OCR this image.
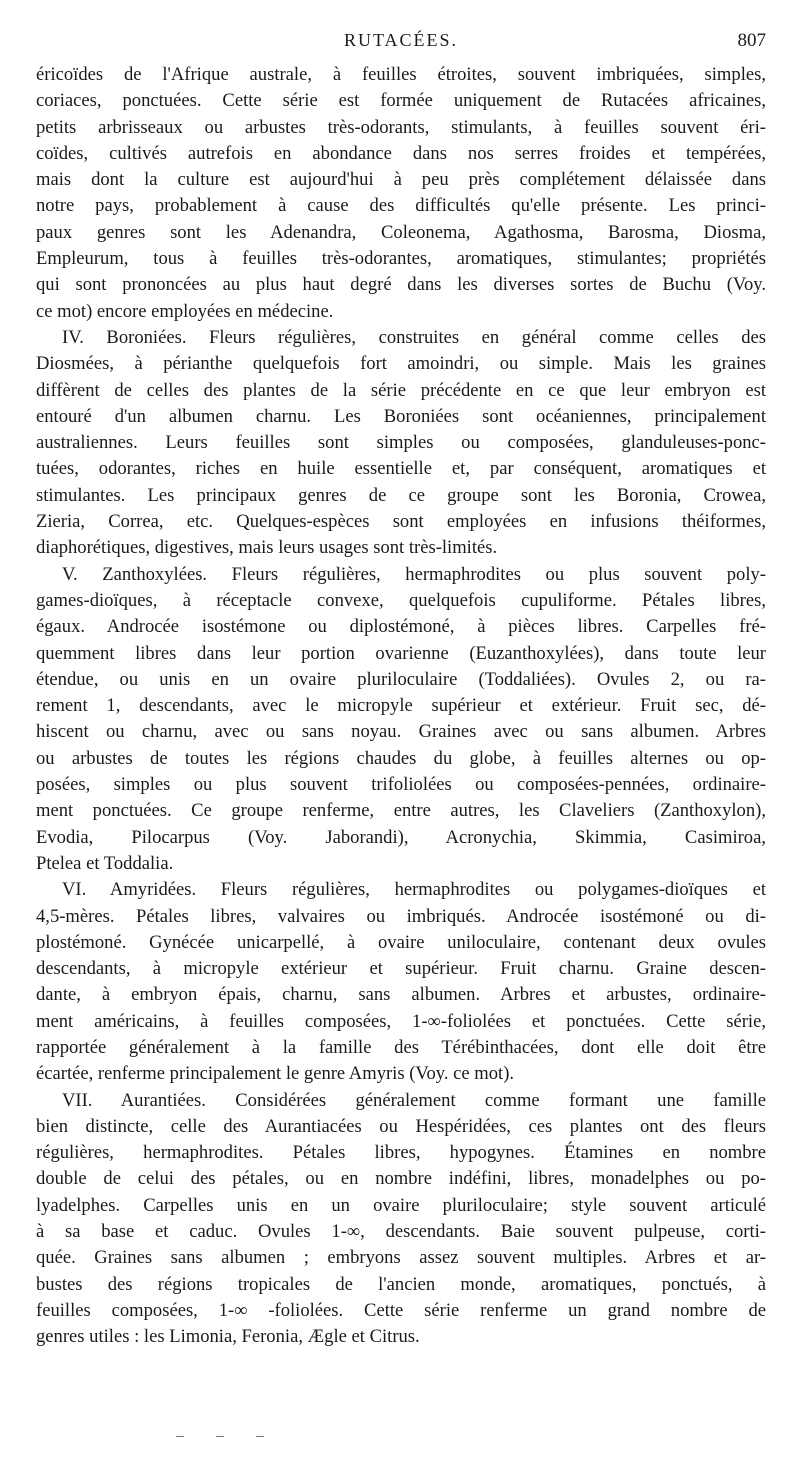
RUTACÉES.	807
éricoïdes de l'Afrique australe, à feuilles étroites, souvent imbriquées, simples,
coriaces, ponctuées. Cette série est formée uniquement de Rutacées africaines,
petits arbrisseaux ou arbustes très-odorants, stimulants, à feuilles souvent éri-
coïdes, cultivés autrefois en abondance dans nos serres froides et tempérées,
mais dont la culture est aujourd'hui à peu près complétement délaissée dans
notre pays, probablement à cause des difficultés qu'elle présente. Les princi-
paux genres sont les Adenandra, Coleonema, Agathosma, Barosma, Diosma,
Empleurum, tous à feuilles très-odorantes, aromatiques, stimulantes; propriétés
qui sont prononcées au plus haut degré dans les diverses sortes de Buchu (Voy.
ce mot) encore employées en médecine.
IV. Boroniées. Fleurs régulières, construites en général comme celles des
Diosmées, à périanthe quelquefois fort amoindri, ou simple. Mais les graines
diffèrent de celles des plantes de la série précédente en ce que leur embryon est
entouré d'un albumen charnu. Les Boroniées sont océaniennes, principalement
australiennes. Leurs feuilles sont simples ou composées, glanduleuses-ponc-
tuées, odorantes, riches en huile essentielle et, par conséquent, aromatiques et
stimulantes. Les principaux genres de ce groupe sont les Boronia, Crowea,
Zieria, Correa, etc. Quelques-espèces sont employées en infusions théiformes,
diaphorétiques, digestives, mais leurs usages sont très-limités.
V. Zanthoxylées. Fleurs régulières, hermaphrodites ou plus souvent poly-
games-dioïques, à réceptacle convexe, quelquefois cupuliforme. Pétales libres,
égaux. Androcée isostémone ou diplostémoné, à pièces libres. Carpelles fré-
quemment libres dans leur portion ovarienne (Euzanthoxylées), dans toute leur
étendue, ou unis en un ovaire pluriloculaire (Toddaliées). Ovules 2, ou ra-
rement 1, descendants, avec le micropyle supérieur et extérieur. Fruit sec, dé-
hiscent ou charnu, avec ou sans noyau. Graines avec ou sans albumen. Arbres
ou arbustes de toutes les régions chaudes du globe, à feuilles alternes ou op-
posées, simples ou plus souvent trifoliolées ou composées-pennées, ordinaire-
ment ponctuées. Ce groupe renferme, entre autres, les Claveliers (Zanthoxylon),
Evodia, Pilocarpus (Voy. Jaborandi), Acronychia, Skimmia, Casimiroa,
Ptelea et Toddalia.
VI. Amyridées. Fleurs régulières, hermaphrodites ou polygames-dioïques et
4,5-mères. Pétales libres, valvaires ou imbriqués. Androcée isostémoné ou di-
plostémoné. Gynécée unicarpellé, à ovaire uniloculaire, contenant deux ovules
descendants, à micropyle extérieur et supérieur. Fruit charnu. Graine descen-
dante, à embryon épais, charnu, sans albumen. Arbres et arbustes, ordinaire-
ment américains, à feuilles composées, 1-∞-foliolées et ponctuées. Cette série,
rapportée généralement à la famille des Térébinthacées, dont elle doit être
écartée, renferme principalement le genre Amyris (Voy. ce mot).
VII. Aurantiées. Considérées généralement comme formant une famille
bien distincte, celle des Aurantiacées ou Hespéridées, ces plantes ont des fleurs
régulières, hermaphrodites. Pétales libres, hypogynes. Étamines en nombre
double de celui des pétales, ou en nombre indéfini, libres, monadelphes ou po-
lyadelphes. Carpelles unis en un ovaire pluriloculaire; style souvent articulé
à sa base et caduc. Ovules 1-∞, descendants. Baie souvent pulpeuse, corti-
quée. Graines sans albumen ; embryons assez souvent multiples. Arbres et ar-
bustes des régions tropicales de l'ancien monde, aromatiques, ponctués, à
feuilles composées, 1-∞ -foliolées. Cette série renferme un grand nombre de
genres utiles : les Limonia, Feronia, Ægle et Citrus.
